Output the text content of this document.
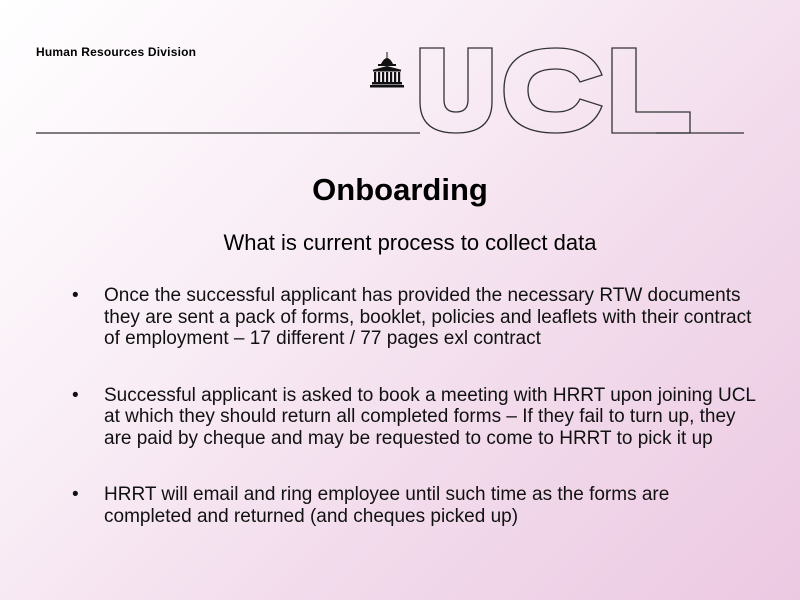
Human Resources Division
Onboarding
What is current process to collect data
• Once the successful applicant has provided the necessary RTW documents they are sent a pack of forms, booklet, policies and leaflets with their contract of employment – 17 different / 77 pages exl contract
• Successful applicant is asked to book a meeting with HRRT upon joining UCL at which they should return all completed forms – If they fail to turn up, they are paid by cheque and may be requested to come to HRRT to pick it up
• HRRT will email and ring employee until such time as the forms are completed and returned (and cheques picked up)
